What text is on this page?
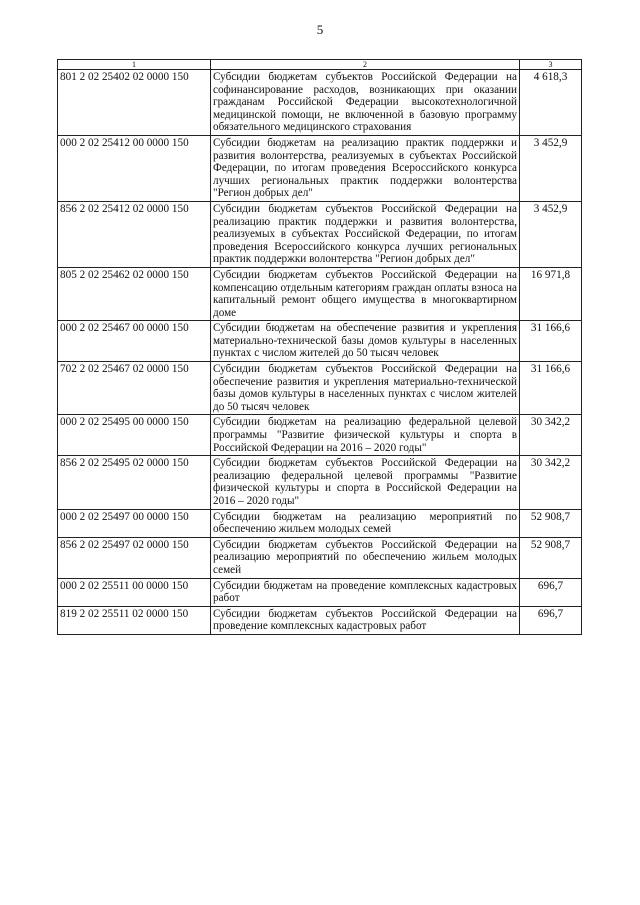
5
1	2	3
801 2 02 25402 02 0000 150	Субсидии бюджетам субъектов Российской Федерации на софинансирование расходов, возникающих при оказании гражданам Российской Федерации высокотехнологичной медицинской помощи, не включенной в базовую программу обязательного медицинского страхования	4 618,3
000 2 02 25412 00 0000 150	Субсидии бюджетам на реализацию практик поддержки и развития волонтерства, реализуемых в субъектах Российской Федерации, по итогам проведения Всероссийского конкурса лучших региональных практик поддержки волонтерства "Регион добрых дел"	3 452,9
856 2 02 25412 02 0000 150	Субсидии бюджетам субъектов Российской Федерации на реализацию практик поддержки и развития волонтерства, реализуемых в субъектах Российской Федерации, по итогам проведения Всероссийского конкурса лучших региональных практик поддержки волонтерства "Регион добрых дел"	3 452,9
805 2 02 25462 02 0000 150	Субсидии бюджетам субъектов Российской Федерации на компенсацию отдельным категориям граждан оплаты взноса на капитальный ремонт общего имущества в многоквартирном доме	16 971,8
000 2 02 25467 00 0000 150	Субсидии бюджетам на обеспечение развития и укрепления материально-технической базы домов культуры в населенных пунктах с числом жителей до 50 тысяч человек	31 166,6
702 2 02 25467 02 0000 150	Субсидии бюджетам субъектов Российской Федерации на обеспечение развития и укрепления материально-технической базы домов культуры в населенных пунктах с числом жителей до 50 тысяч человек	31 166,6
000 2 02 25495 00 0000 150	Субсидии бюджетам на реализацию федеральной целевой программы "Развитие физической культуры и спорта в Российской Федерации на 2016 – 2020 годы"	30 342,2
856 2 02 25495 02 0000 150	Субсидии бюджетам субъектов Российской Федерации на реализацию федеральной целевой программы "Развитие физической культуры и спорта в Российской Федерации на 2016 – 2020 годы"	30 342,2
000 2 02 25497 00 0000 150	Субсидии бюджетам на реализацию мероприятий по обеспечению жильем молодых семей	52 908,7
856 2 02 25497 02 0000 150	Субсидии бюджетам субъектов Российской Федерации на реализацию мероприятий по обеспечению жильем молодых семей	52 908,7
000 2 02 25511 00 0000 150	Субсидии бюджетам на проведение комплексных кадастровых работ	696,7
819 2 02 25511 02 0000 150	Субсидии бюджетам субъектов Российской Федерации на проведение комплексных кадастровых работ	696,7
